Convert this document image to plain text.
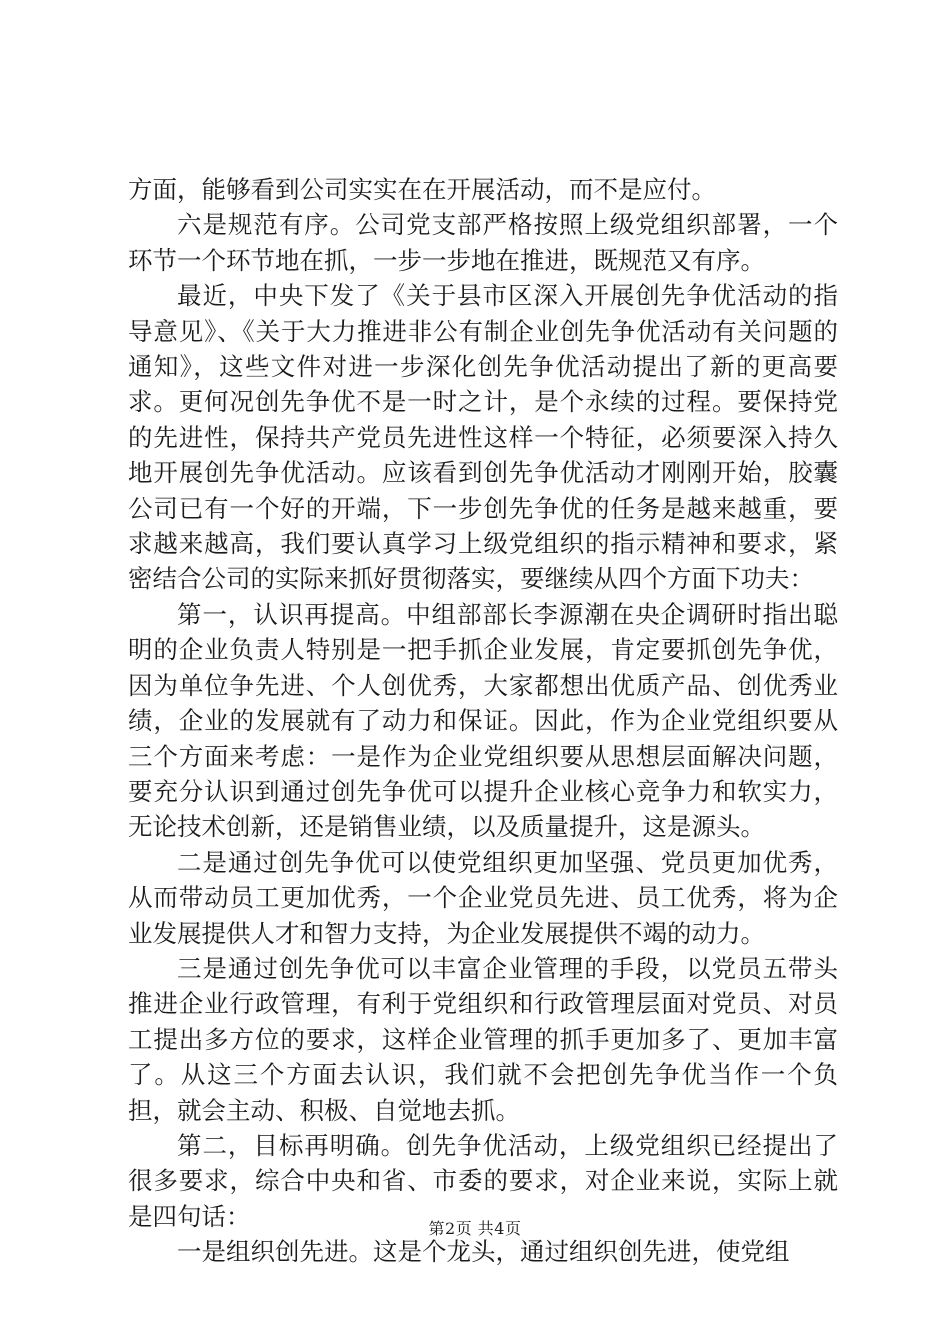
方面，能够看到公司实实在在开展活动，而不是应付。

六是规范有序。公司党支部严格按照上级党组织部署，一个环节一个环节地在抓，一步一步地在推进，既规范又有序。

最近，中央下发了《关于县市区深入开展创先争优活动的指导意见》、《关于大力推进非公有制企业创先争优活动有关问题的通知》，这些文件对进一步深化创先争优活动提出了新的更高要求。更何况创先争优不是一时之计，是个永续的过程。要保持党的先进性，保持共产党员先进性这样一个特征，必须要深入持久地开展创先争优活动。应该看到创先争优活动才刚刚开始，胶囊公司已有一个好的开端，下一步创先争优的任务是越来越重，要求越来越高，我们要认真学习上级党组织的指示精神和要求，紧密结合公司的实际来抓好贯彻落实，要继续从四个方面下功夫：

第一，认识再提高。中组部部长李源潮在央企调研时指出聪明的企业负责人特别是一把手抓企业发展，肯定要抓创先争优，因为单位争先进、个人创优秀，大家都想出优质产品、创优秀业绩，企业的发展就有了动力和保证。因此，作为企业党组织要从三个方面来考虑：一是作为企业党组织要从思想层面解决问题，要充分认识到通过创先争优可以提升企业核心竞争力和软实力，无论技术创新，还是销售业绩，以及质量提升，这是源头。

二是通过创先争优可以使党组织更加坚强、党员更加优秀，从而带动员工更加优秀，一个企业党员先进、员工优秀，将为企业发展提供人才和智力支持，为企业发展提供不竭的动力。

三是通过创先争优可以丰富企业管理的手段，以党员五带头推进企业行政管理，有利于党组织和行政管理层面对党员、对员工提出多方位的要求，这样企业管理的抓手更加多了、更加丰富了。从这三个方面去认识，我们就不会把创先争优当作一个负担，就会主动、积极、自觉地去抓。

第二，目标再明确。创先争优活动，上级党组织已经提出了很多要求，综合中央和省、市委的要求，对企业来说，实际上就是四句话：

一是组织创先进。这是个龙头，通过组织创先进，使党组

第2页 共4页
